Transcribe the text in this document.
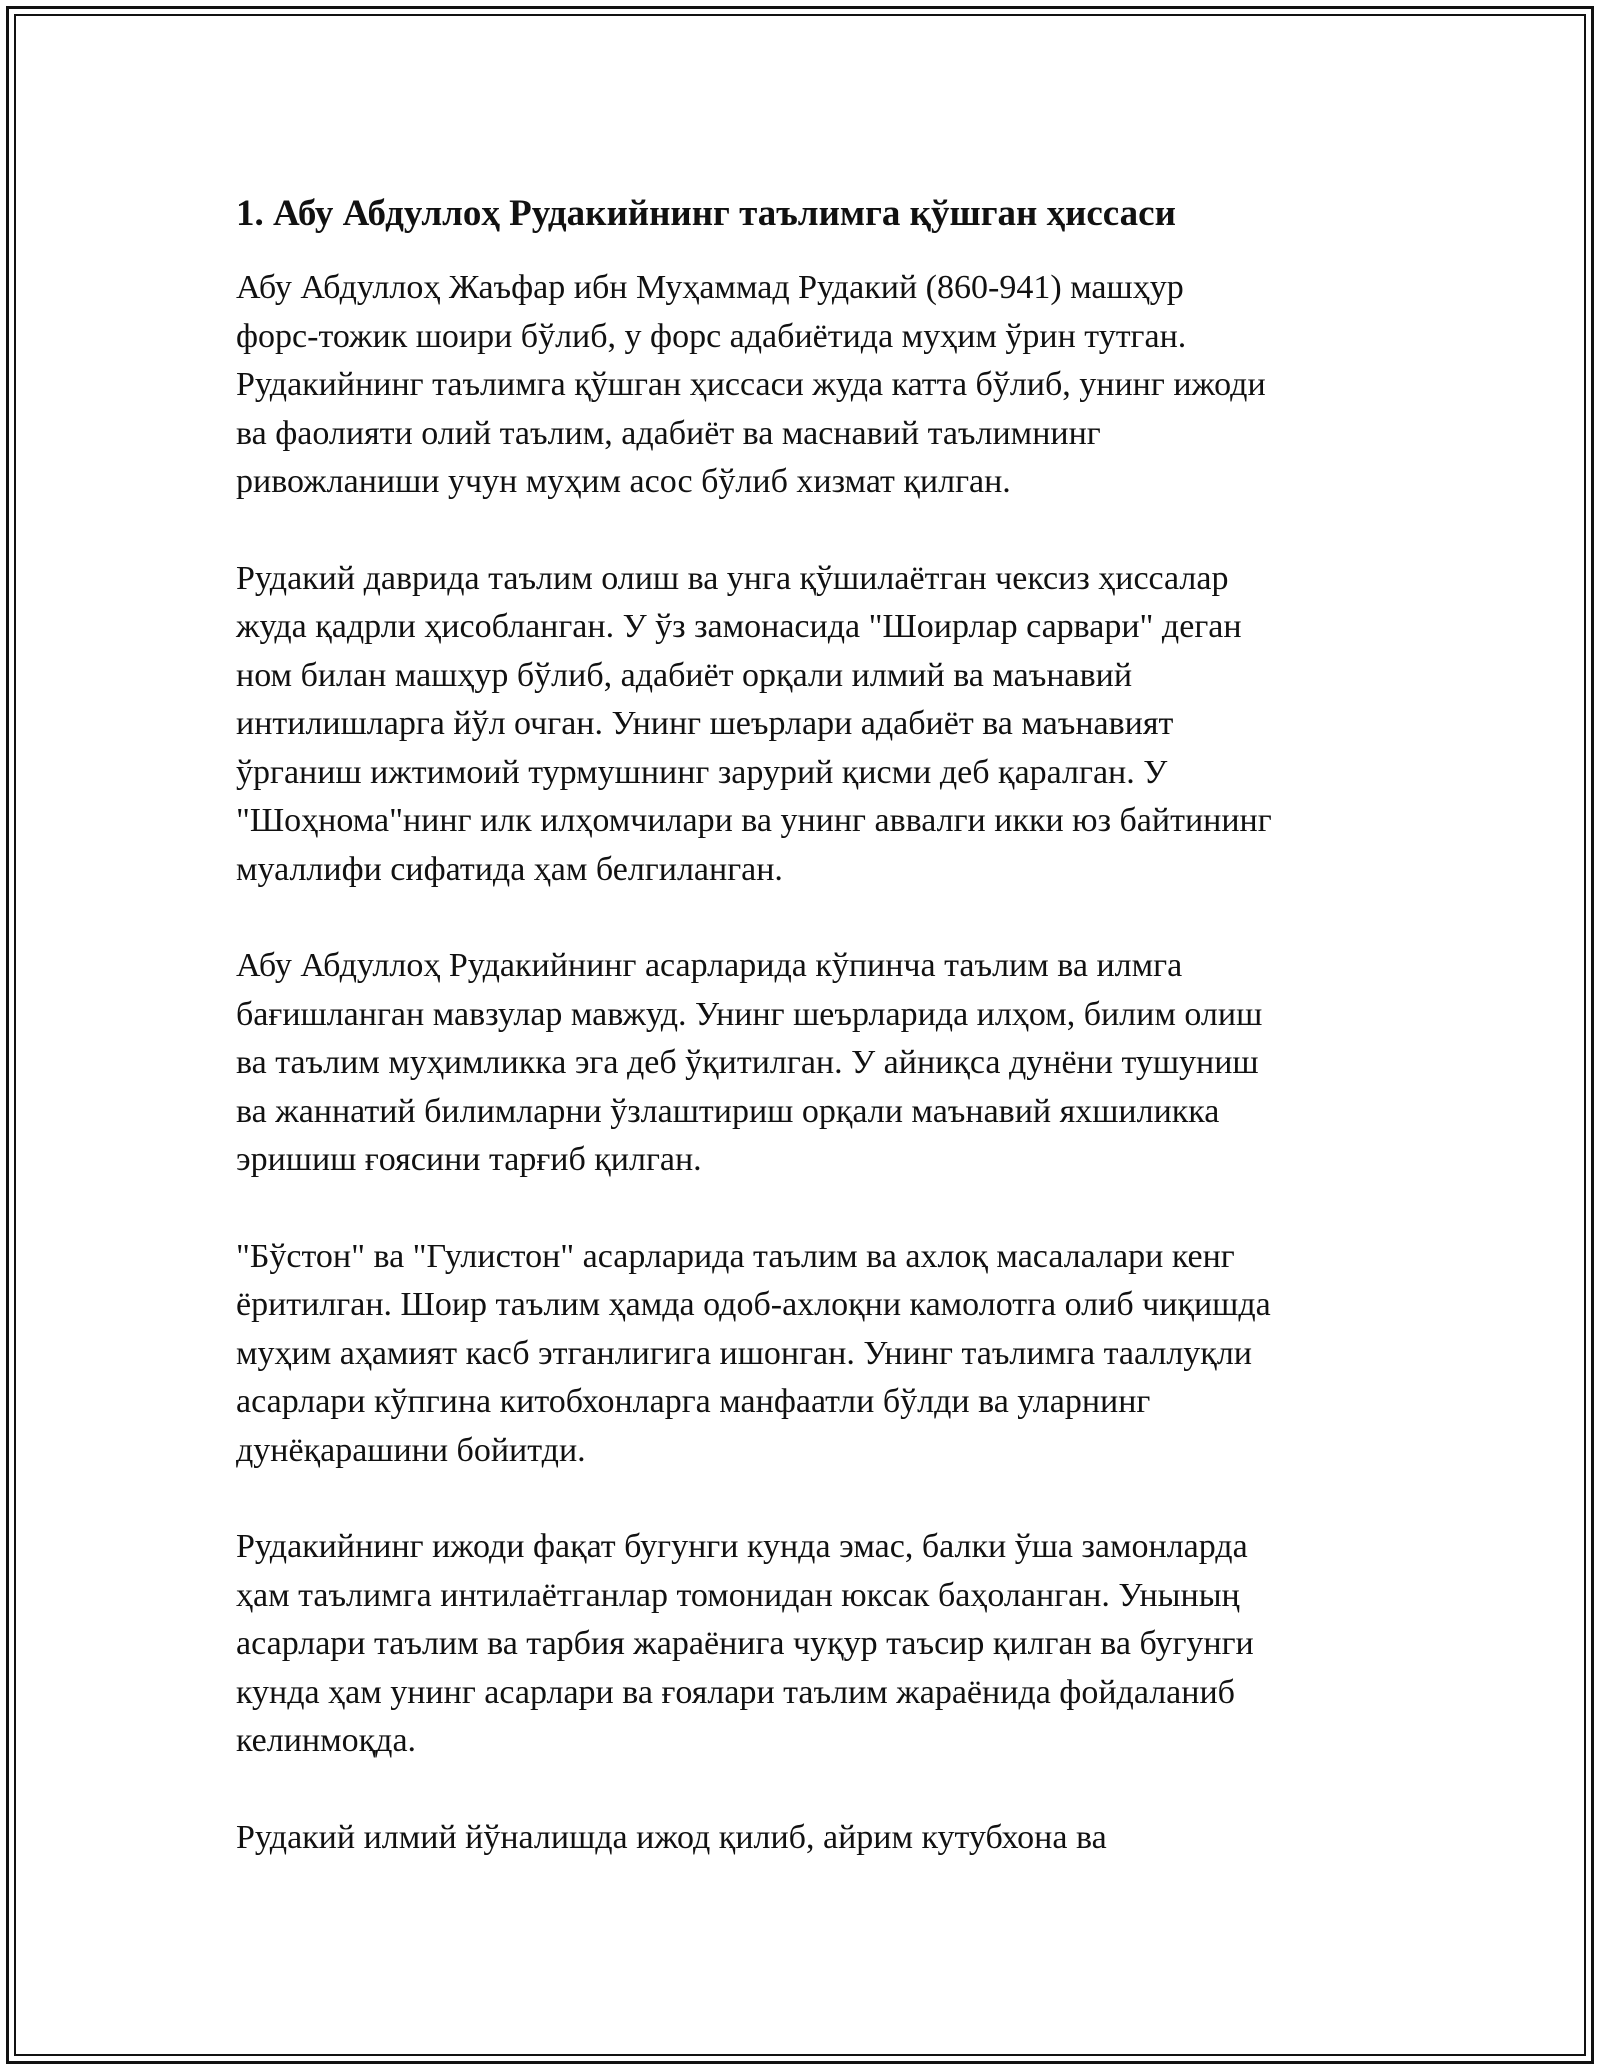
1. Абу Абдуллоҳ Рудакийнинг таълимга қўшган ҳиссаси
Абу Абдуллоҳ Жаъфар ибн Муҳаммад Рудакий (860-941) машҳур
форс-тожик шоири бўлиб, у форс адабиётида муҳим ўрин тутган.
Рудакийнинг таълимга қўшган ҳиссаси жуда катта бўлиб, унинг ижоди
ва фаолияти олий таълим, адабиёт ва маснавий таълимнинг
ривожланиши учун муҳим асос бўлиб хизмат қилган.
Рудакий даврида таълим олиш ва унга қўшилаётган чексиз ҳиссалар
жуда қадрли ҳисобланган. У ўз замонасида "Шоирлар сарвари" деган
ном билан машҳур бўлиб, адабиёт орқали илмий ва маънавий
интилишларга йўл очган. Унинг шеърлари адабиёт ва маънавият
ўрганиш ижтимоий турмушнинг зарурий қисми деб қаралган. У
"Шоҳнома"нинг илк илҳомчилари ва унинг аввалги икки юз байтининг
муаллифи сифатида ҳам белгиланган.
Абу Абдуллоҳ Рудакийнинг асарларида кўпинча таълим ва илмга
бағишланган мавзулар мавжуд. Унинг шеърларида илҳом, билим олиш
ва таълим муҳимликка эга деб ўқитилган. У айниқса дунёни тушуниш
ва жаннатий билимларни ўзлаштириш орқали маънавий яхшиликка
эришиш ғоясини тарғиб қилган.
"Бўстон" ва "Гулистон" асарларида таълим ва ахлоқ масалалари кенг
ёритилган. Шоир таълим ҳамда одоб-ахлоқни камолотга олиб чиқишда
муҳим аҳамият касб этганлигига ишонган. Унинг таълимга тааллуқли
асарлари кўпгина китобхонларга манфаатли бўлди ва уларнинг
дунёқарашини бойитди.
Рудакийнинг ижоди фақат бугунги кунда эмас, балки ўша замонларда
ҳам таълимга интилаётганлар томонидан юксак баҳоланган. Унының
асарлари таълим ва тарбия жараёнига чуқур таъсир қилган ва бугунги
кунда ҳам унинг асарлари ва ғоялари таълим жараёнида фойдаланиб
келинмоқда.
Рудакий илмий йўналишда ижод қилиб, айрим кутубхона ва
